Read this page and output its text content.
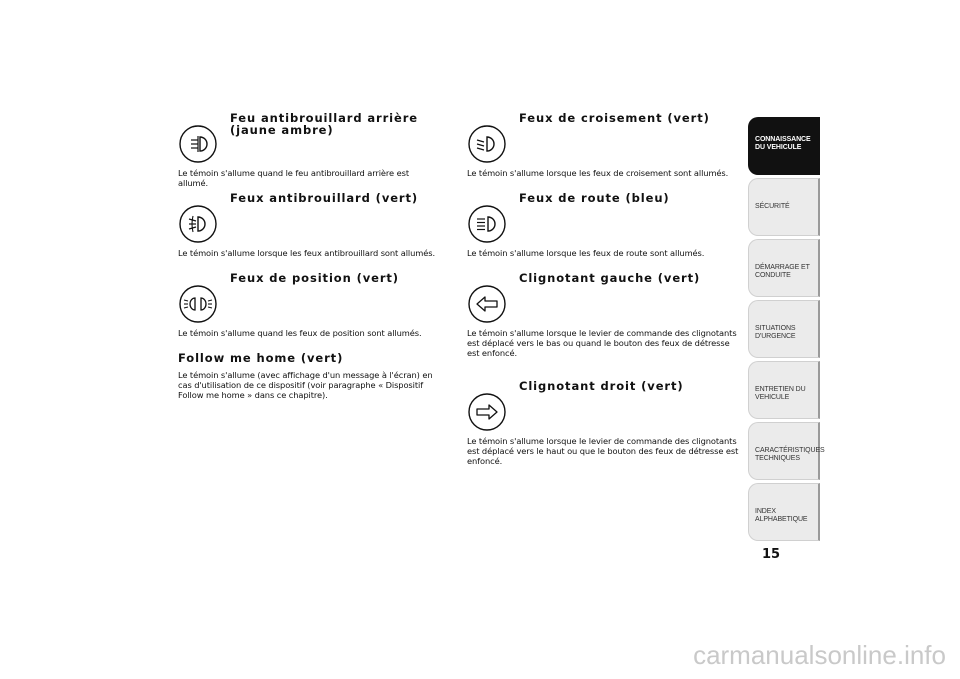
Feu antibrouillard arrière (jaune ambre)
Le témoin s'allume quand le feu antibrouillard arrière est allumé.
Feux antibrouillard (vert)
Le témoin s'allume lorsque les feux antibrouillard sont allumés.
Feux de position (vert)
Le témoin s'allume quand les feux de position sont allumés.
Follow me home (vert)
Le témoin s'allume (avec affichage d'un message à l'écran) en cas d'utilisation de ce dispositif (voir paragraphe « Dispositif Follow me home » dans ce chapitre).
Feux de croisement (vert)
Le témoin s'allume lorsque les feux de croisement sont allumés.
Feux de route (bleu)
Le témoin s'allume lorsque les feux de route sont allumés.
Clignotant gauche (vert)
Le témoin s'allume lorsque le levier de commande des clignotants est déplacé vers le bas ou quand le bouton des feux de détresse est enfoncé.
Clignotant droit (vert)
Le témoin s'allume lorsque le levier de commande des clignotants est déplacé vers le haut ou que le bouton des feux de détresse est enfoncé.
CONNAISSANCE DU VEHICULE
SÉCURITÉ
DÉMARRAGE ET CONDUITE
SITUATIONS D'URGENCE
ENTRETIEN DU VEHICULE
CARACTÉRISTIQUES TECHNIQUES
INDEX ALPHABETIQUE
15
carmanualsonline.info
